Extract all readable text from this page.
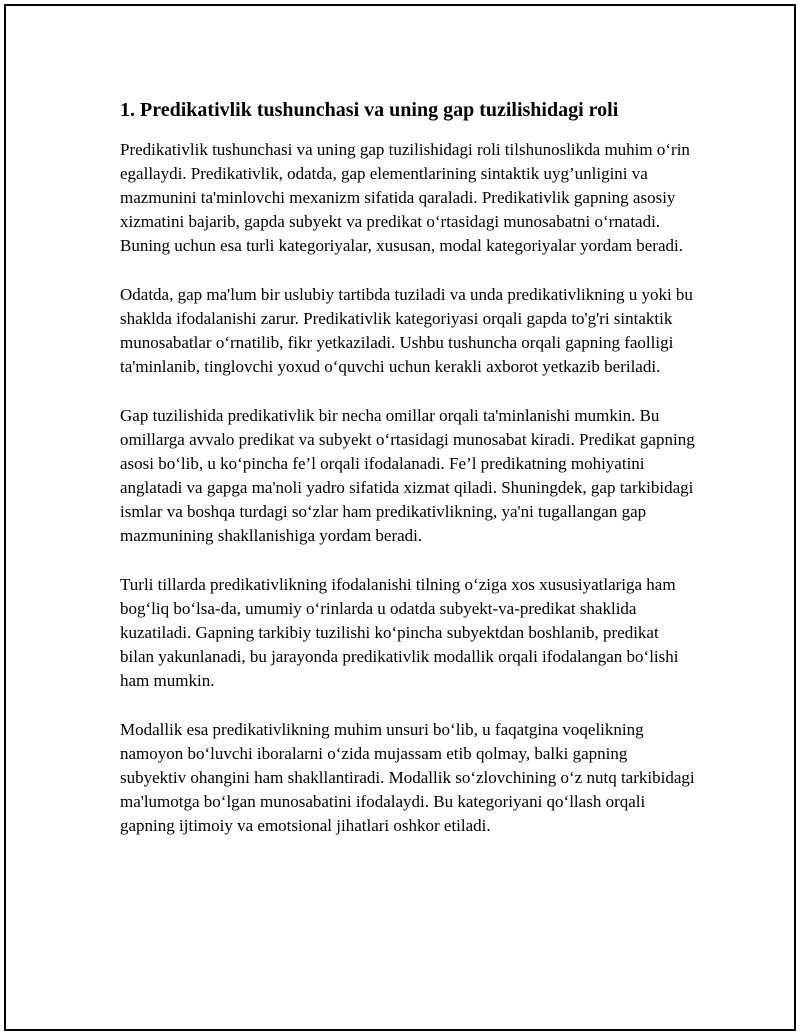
1. Predikativlik tushunchasi va uning gap tuzilishidagi roli

Predikativlik tushunchasi va uning gap tuzilishidagi roli tilshunoslikda muhim o‘rin egallaydi. Predikativlik, odatda, gap elementlarining sintaktik uyg’unligini va mazmunini ta'minlovchi mexanizm sifatida qaraladi. Predikativlik gapning asosiy xizmatini bajarib, gapda subyekt va predikat o‘rtasidagi munosabatni o‘rnatadi. Buning uchun esa turli kategoriyalar, xususan, modal kategoriyalar yordam beradi.

Odatda, gap ma'lum bir uslubiy tartibda tuziladi va unda predikativlikning u yoki bu shaklda ifodalanishi zarur. Predikativlik kategoriyasi orqali gapda to'g'ri sintaktik munosabatlar o‘rnatilib, fikr yetkaziladi. Ushbu tushuncha orqali gapning faolligi ta'minlanib, tinglovchi yoxud o‘quvchi uchun kerakli axborot yetkazib beriladi.

Gap tuzilishida predikativlik bir necha omillar orqali ta'minlanishi mumkin. Bu omillarga avvalo predikat va subyekt o‘rtasidagi munosabat kiradi. Predikat gapning asosi bo‘lib, u ko‘pincha fe’l orqali ifodalanadi. Fe’l predikatning mohiyatini anglatadi va gapga ma'noli yadro sifatida xizmat qiladi. Shuningdek, gap tarkibidagi ismlar va boshqa turdagi so‘zlar ham predikativlikning, ya'ni tugallangan gap mazmunining shakllanishiga yordam beradi.

Turli tillarda predikativlikning ifodalanishi tilning o‘ziga xos xususiyatlariga ham bog‘liq bo‘lsa-da, umumiy o‘rinlarda u odatda subyekt-va-predikat shaklida kuzatiladi. Gapning tarkibiy tuzilishi ko‘pincha subyektdan boshlanib, predikat bilan yakunlanadi, bu jarayonda predikativlik modallik orqali ifodalangan bo‘lishi ham mumkin.

Modallik esa predikativlikning muhim unsuri bo‘lib, u faqatgina voqelikning namoyon bo‘luvchi iboralarni o‘zida mujassam etib qolmay, balki gapning subyektiv ohangini ham shakllantiradi. Modallik so‘zlovchining o‘z nutq tarkibidagi ma'lumotga bo‘lgan munosabatini ifodalaydi. Bu kategoriyani qo‘llash orqali gapning ijtimoiy va emotsional jihatlari oshkor etiladi.
